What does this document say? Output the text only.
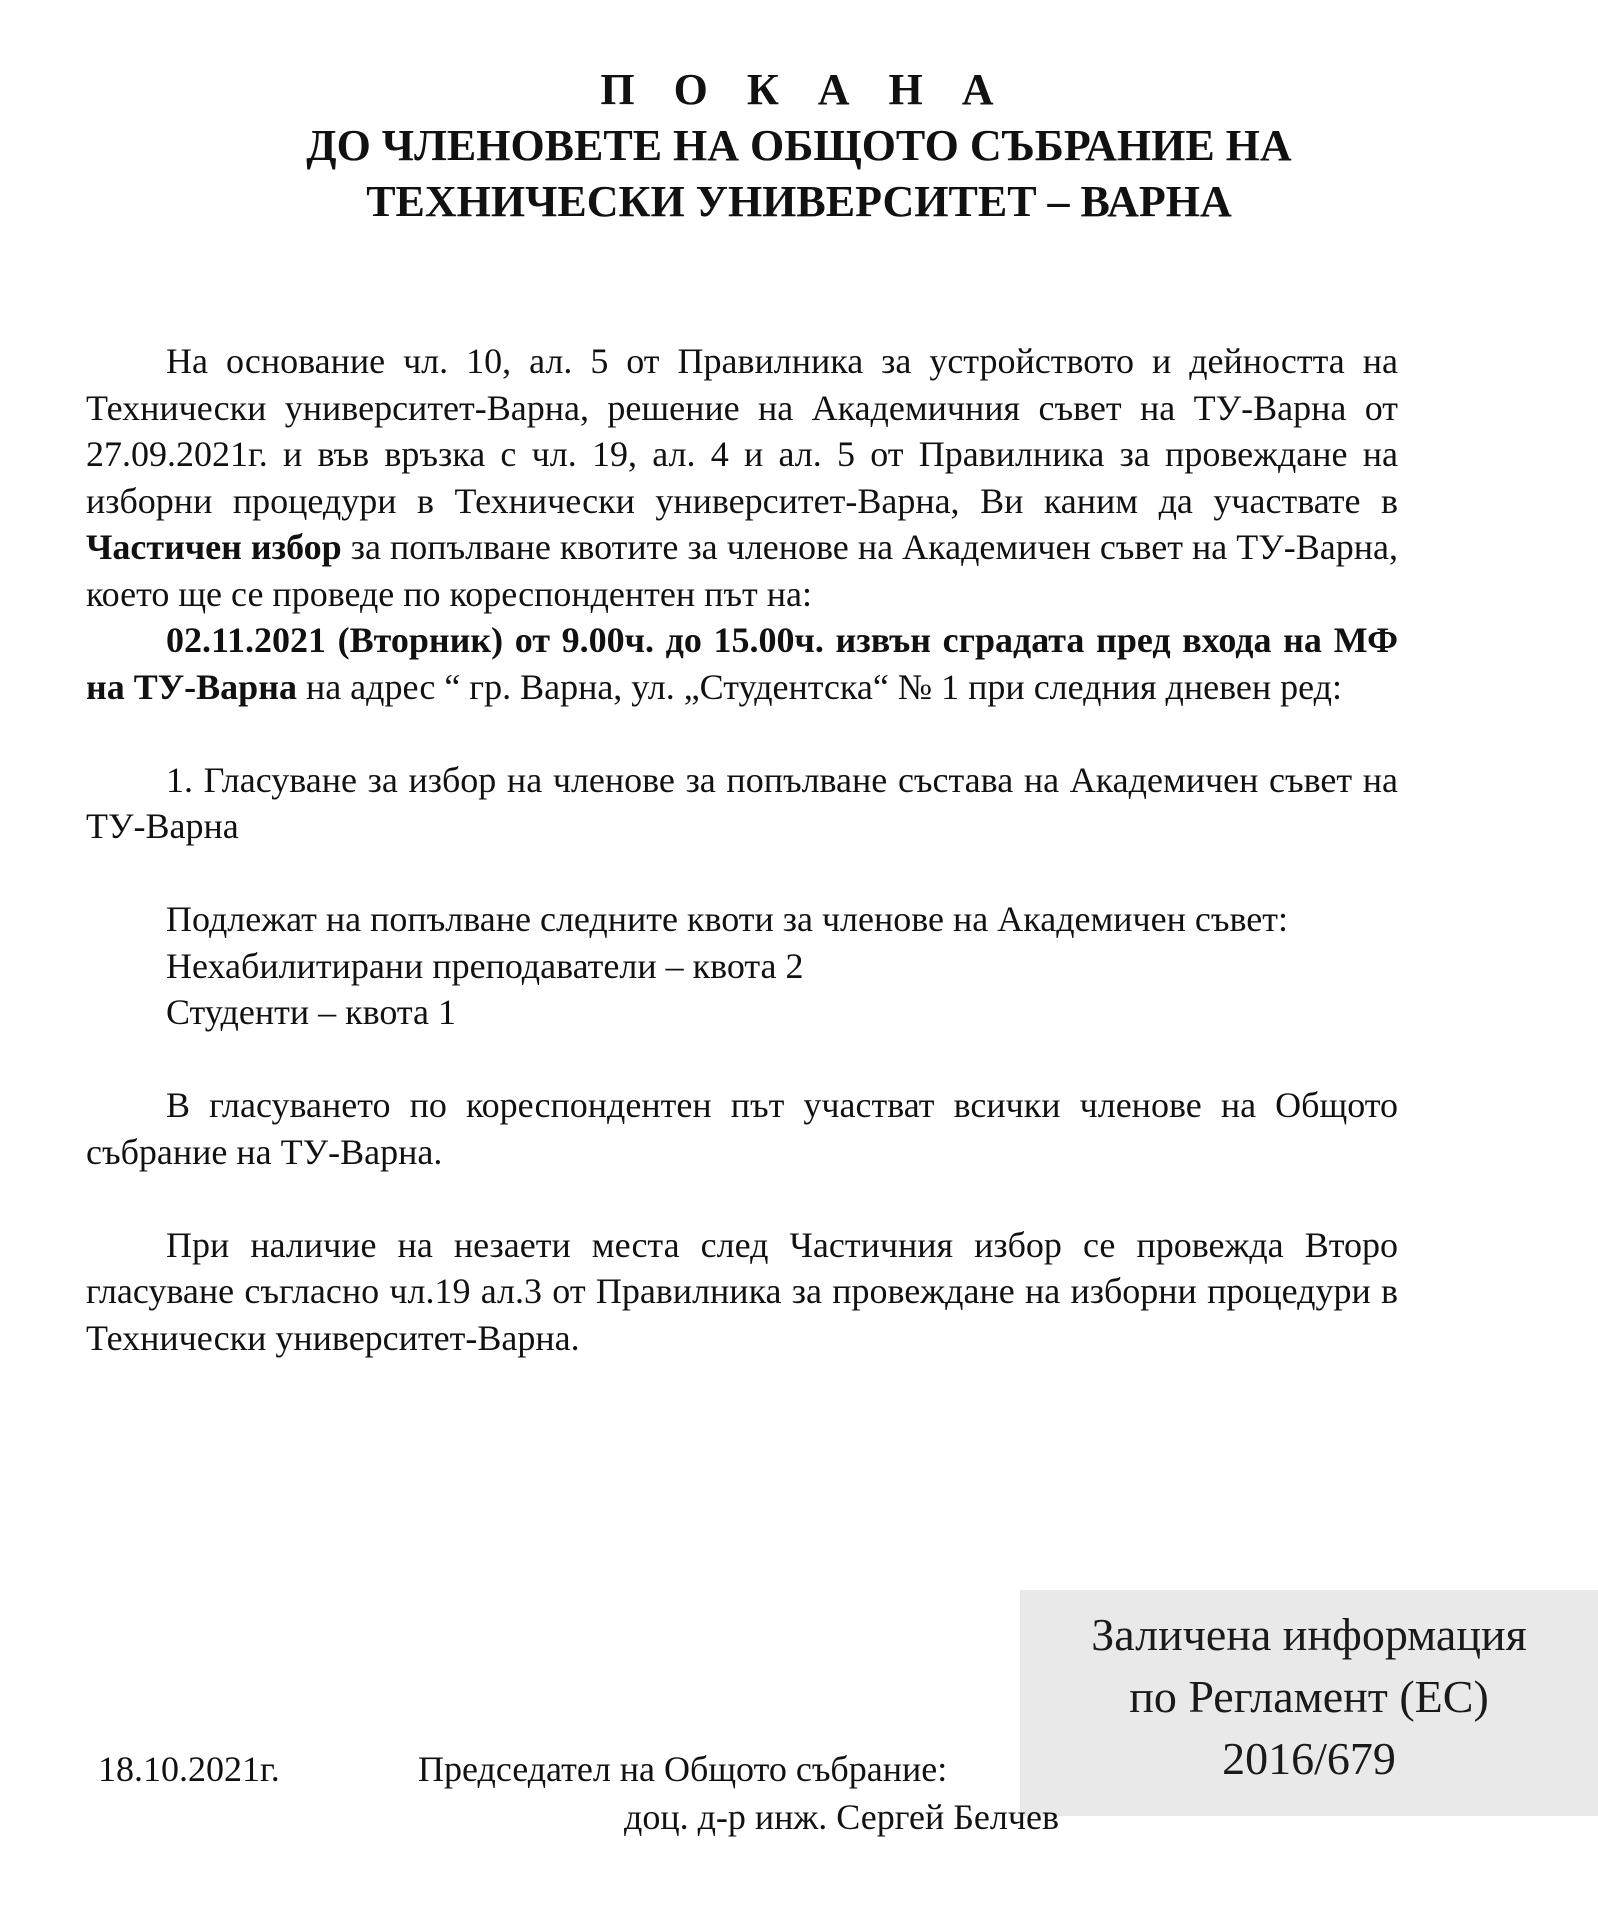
П О К А Н А
ДО ЧЛЕНОВЕТЕ НА ОБЩОТО СЪБРАНИЕ НА
ТЕХНИЧЕСКИ УНИВЕРСИТЕТ – ВАРНА

На основание чл. 10, ал. 5 от Правилника за устройството и дейността на Технически университет-Варна, решение на Академичния съвет на ТУ-Варна от 27.09.2021г. и във връзка с чл. 19, ал. 4 и ал. 5 от Правилника за провеждане на изборни процедури в Технически университет-Варна, Ви каним да участвате в Частичен избор за попълване квотите за членове на Академичен съвет на ТУ-Варна, което ще се проведе по кореспондентен път на:

02.11.2021 (Вторник) от 9.00ч. до 15.00ч. извън сградата пред входа на МФ на ТУ-Варна на адрес “ гр. Варна, ул. „Студентска“ № 1 при следния дневен ред:

1. Гласуване за избор на членове за попълване състава на Академичен съвет на ТУ-Варна

Подлежат на попълване следните квоти за членове на Академичен съвет:

Нехабилитирани преподаватели – квота 2

Студенти – квота 1

В гласуването по кореспондентен път участват всички членове на Общото събрание на ТУ-Варна.

При наличие на незаети места след Частичния избор се провежда Второ гласуване съгласно чл.19 ал.3 от Правилника за провеждане на изборни процедури в Технически университет-Варна.

Заличена информация
по Регламент (ЕС)
2016/679
18.10.2021г.	Председател на Общото събрание:
доц. д-р инж. Сергей Белчев
